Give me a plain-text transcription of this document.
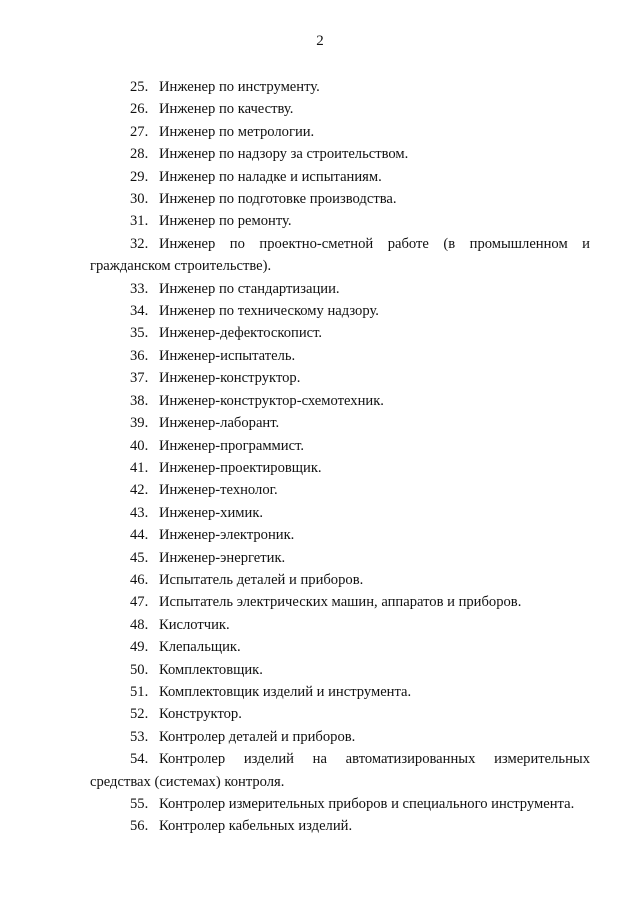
2
25. Инженер по инструменту.
26. Инженер по качеству.
27. Инженер по метрологии.
28. Инженер по надзору за строительством.
29. Инженер по наладке и испытаниям.
30. Инженер по подготовке производства.
31. Инженер по ремонту.
32. Инженер по проектно-сметной работе (в промышленном и
гражданском строительстве).
33. Инженер по стандартизации.
34. Инженер по техническому надзору.
35. Инженер-дефектоскопист.
36. Инженер-испытатель.
37. Инженер-конструктор.
38. Инженер-конструктор-схемотехник.
39. Инженер-лаборант.
40. Инженер-программист.
41. Инженер-проектировщик.
42. Инженер-технолог.
43. Инженер-химик.
44. Инженер-электроник.
45. Инженер-энергетик.
46. Испытатель деталей и приборов.
47. Испытатель электрических машин, аппаратов и приборов.
48. Кислотчик.
49. Клепальщик.
50. Комплектовщик.
51. Комплектовщик изделий и инструмента.
52. Конструктор.
53. Контролер деталей и приборов.
54. Контролер изделий на автоматизированных измерительных
средствах (системах) контроля.
55. Контролер измерительных приборов и специального инструмента.
56. Контролер кабельных изделий.
